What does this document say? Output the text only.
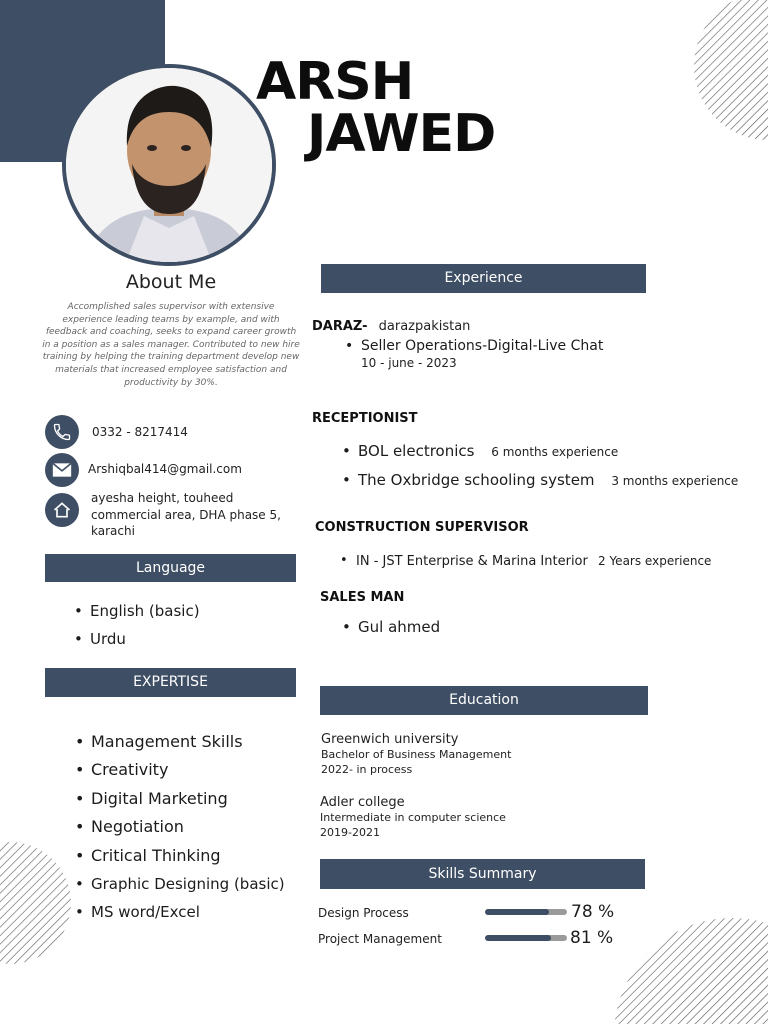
ARSH
JAWED
About Me
Accomplished sales supervisor with extensive experience leading teams by example, and with feedback and coaching, seeks to expand career growth in a position as a sales manager. Contributed to new hire training by helping the training department develop new materials that increased employee satisfaction and productivity by 30%.
0332 - 8217414
Arshiqbal414@gmail.com
ayesha height, touheed commercial area, DHA phase 5, karachi
Language
• English (basic)
• Urdu
EXPERTISE
• Management Skills
• Creativity
• Digital Marketing
• Negotiation
• Critical Thinking
• Graphic Designing (basic)
• MS word/Excel
Experience
DARAZ- darazpakistan
• Seller Operations-Digital-Live Chat
10 - june - 2023
RECEPTIONIST
• BOL electronics 6 months experience
• The Oxbridge schooling system 3 months experience
CONSTRUCTION SUPERVISOR
• IN - JST Enterprise & Marina Interior 2 Years experience
SALES MAN
• Gul ahmed
Education
Greenwich university
Bachelor of Business Management
2022- in process
Adler college
Intermediate in computer science
2019-2021
Skills Summary
Design Process	78 %
Project Management	81 %
